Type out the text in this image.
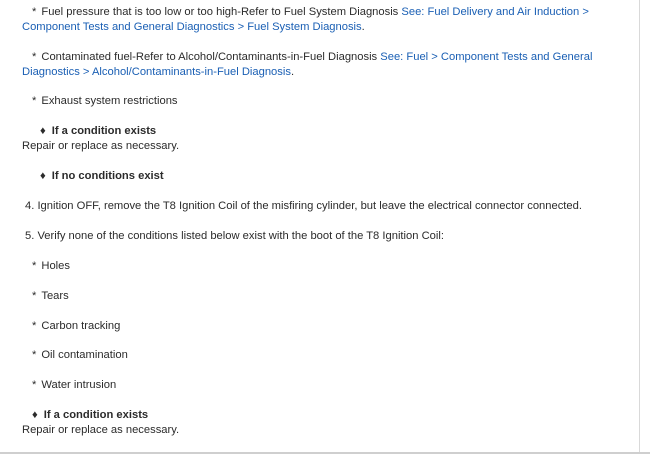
* Fuel pressure that is too low or too high-Refer to Fuel System Diagnosis See: Fuel Delivery and Air Induction > Component Tests and General Diagnostics > Fuel System Diagnosis.
* Contaminated fuel-Refer to Alcohol/Contaminants-in-Fuel Diagnosis See: Fuel > Component Tests and General Diagnostics > Alcohol/Contaminants-in-Fuel Diagnosis.
* Exhaust system restrictions
♦ If a condition exists
Repair or replace as necessary.
♦ If no conditions exist
4. Ignition OFF, remove the T8 Ignition Coil of the misfiring cylinder, but leave the electrical connector connected.
5. Verify none of the conditions listed below exist with the boot of the T8 Ignition Coil:
* Holes
* Tears
* Carbon tracking
* Oil contamination
* Water intrusion
♦ If a condition exists
Repair or replace as necessary.
